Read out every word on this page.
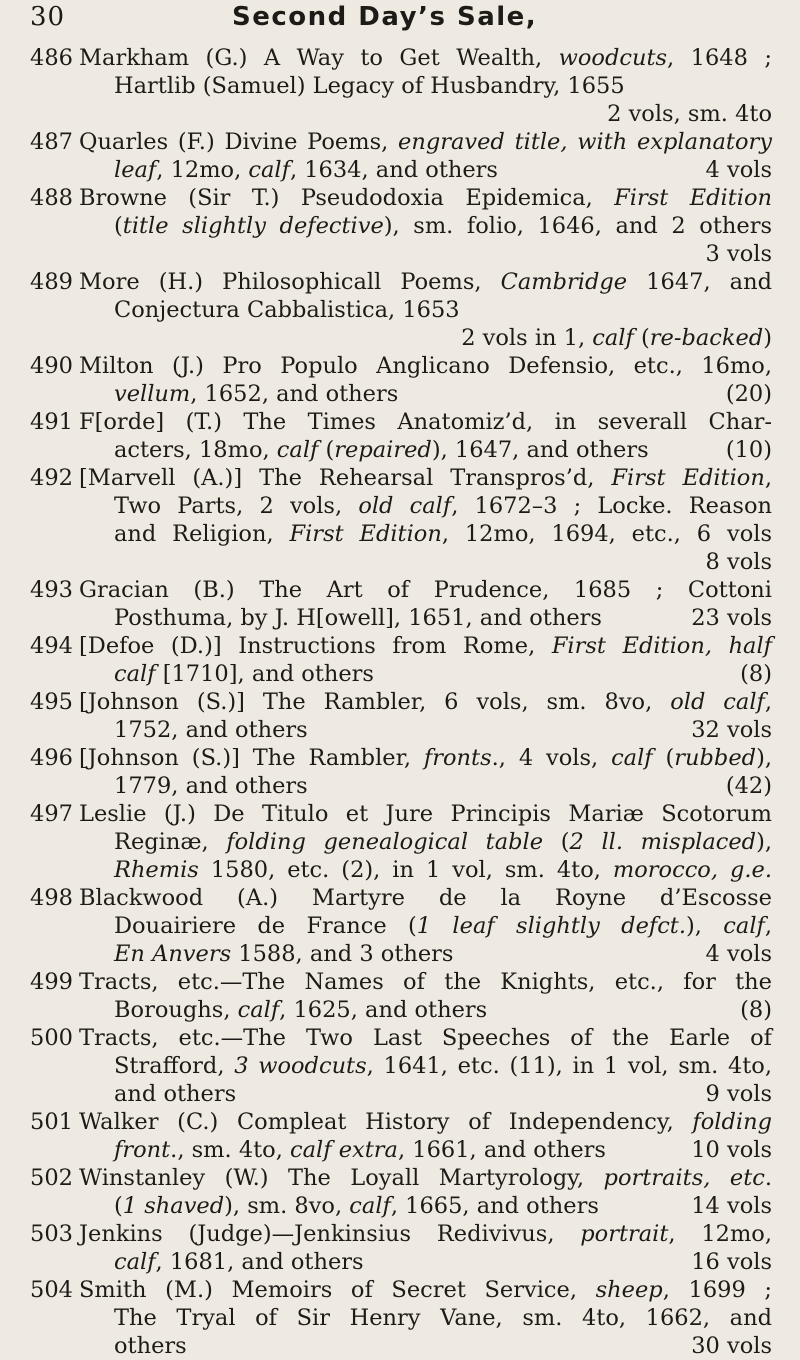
30	Second Day’s Sale,
486 Markham (G.) A Way to Get Wealth, woodcuts, 1648 ;
Hartlib (Samuel) Legacy of Husbandry, 1655
2 vols, sm. 4to
487 Quarles (F.) Divine Poems, engraved title, with explanatory
leaf, 12mo, calf, 1634, and others	4 vols
488 Browne (Sir T.) Pseudodoxia Epidemica, First Edition
(title slightly defective), sm. folio, 1646, and 2 others
3 vols
489 More (H.) Philosophicall Poems, Cambridge 1647, and
Conjectura Cabbalistica, 1653
2 vols in 1, calf (re-backed)
490 Milton (J.) Pro Populo Anglicano Defensio, etc., 16mo,
vellum, 1652, and others	(20)
491 F[orde] (T.) The Times Anatomiz’d, in severall Char-
acters, 18mo, calf (repaired), 1647, and others	(10)
492 [Marvell (A.)] The Rehearsal Transpros’d, First Edition,
Two Parts, 2 vols, old calf, 1672–3 ; Locke. Reason
and Religion, First Edition, 12mo, 1694, etc., 6 vols
8 vols
493 Gracian (B.) The Art of Prudence, 1685 ; Cottoni
Posthuma, by J. H[owell], 1651, and others	23 vols
494 [Defoe (D.)] Instructions from Rome, First Edition, half
calf [1710], and others	(8)
495 [Johnson (S.)] The Rambler, 6 vols, sm. 8vo, old calf,
1752, and others	32 vols
496 [Johnson (S.)] The Rambler, fronts., 4 vols, calf (rubbed),
1779, and others	(42)
497 Leslie (J.) De Titulo et Jure Principis Mariæ Scotorum
Reginæ, folding genealogical table (2 ll. misplaced),
Rhemis 1580, etc. (2), in 1 vol, sm. 4to, morocco, g.e.
498 Blackwood (A.) Martyre de la Royne d’Escosse
Douairiere de France (1 leaf slightly defct.), calf,
En Anvers 1588, and 3 others	4 vols
499 Tracts, etc.—The Names of the Knights, etc., for the
Boroughs, calf, 1625, and others	(8)
500 Tracts, etc.—The Two Last Speeches of the Earle of
Strafford, 3 woodcuts, 1641, etc. (11), in 1 vol, sm. 4to,
and others	9 vols
501 Walker (C.) Compleat History of Independency, folding
front., sm. 4to, calf extra, 1661, and others	10 vols
502 Winstanley (W.) The Loyall Martyrology, portraits, etc.
(1 shaved), sm. 8vo, calf, 1665, and others	14 vols
503 Jenkins (Judge)—Jenkinsius Redivivus, portrait, 12mo,
calf, 1681, and others	16 vols
504 Smith (M.) Memoirs of Secret Service, sheep, 1699 ;
The Tryal of Sir Henry Vane, sm. 4to, 1662, and
others	30 vols
